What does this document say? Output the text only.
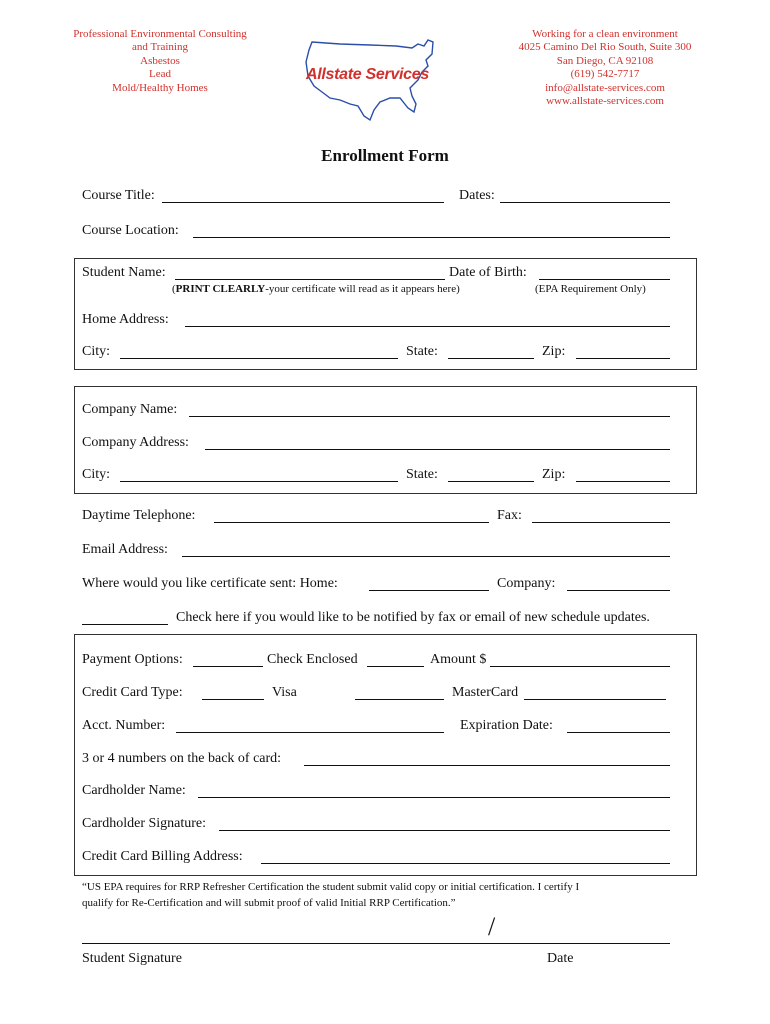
Professional Environmental Consulting
and Training
Asbestos
Lead
Mold/Healthy Homes
Allstate Services
Working for a clean environment
4025 Camino Del Rio South, Suite 300
San Diego, CA 92108
(619) 542-7717
info@allstate-services.com
www.allstate-services.com
Enrollment Form
Course Title:	Dates:
Course Location:
Student Name:	Date of Birth:
(PRINT CLEARLY-your certificate will read as it appears here)	(EPA Requirement Only)
Home Address:
City:	State:	Zip:
Company Name:
Company Address:
City:	State:	Zip:
Daytime Telephone:	Fax:
Email Address:
Where would you like certificate sent: Home:	Company:
Check here if you would like to be notified by fax or email of new schedule updates.
Payment Options:	Check Enclosed	Amount $
Credit Card Type:	Visa	MasterCard
Acct. Number:	Expiration Date:
3 or 4 numbers on the back of card:
Cardholder Name:
Cardholder Signature:
Credit Card Billing Address:
“US EPA requires for RRP Refresher Certification the student submit valid copy or initial certification. I certify I
qualify for Re-Certification and will submit proof of valid Initial RRP Certification.”
/
Student Signature	Date
